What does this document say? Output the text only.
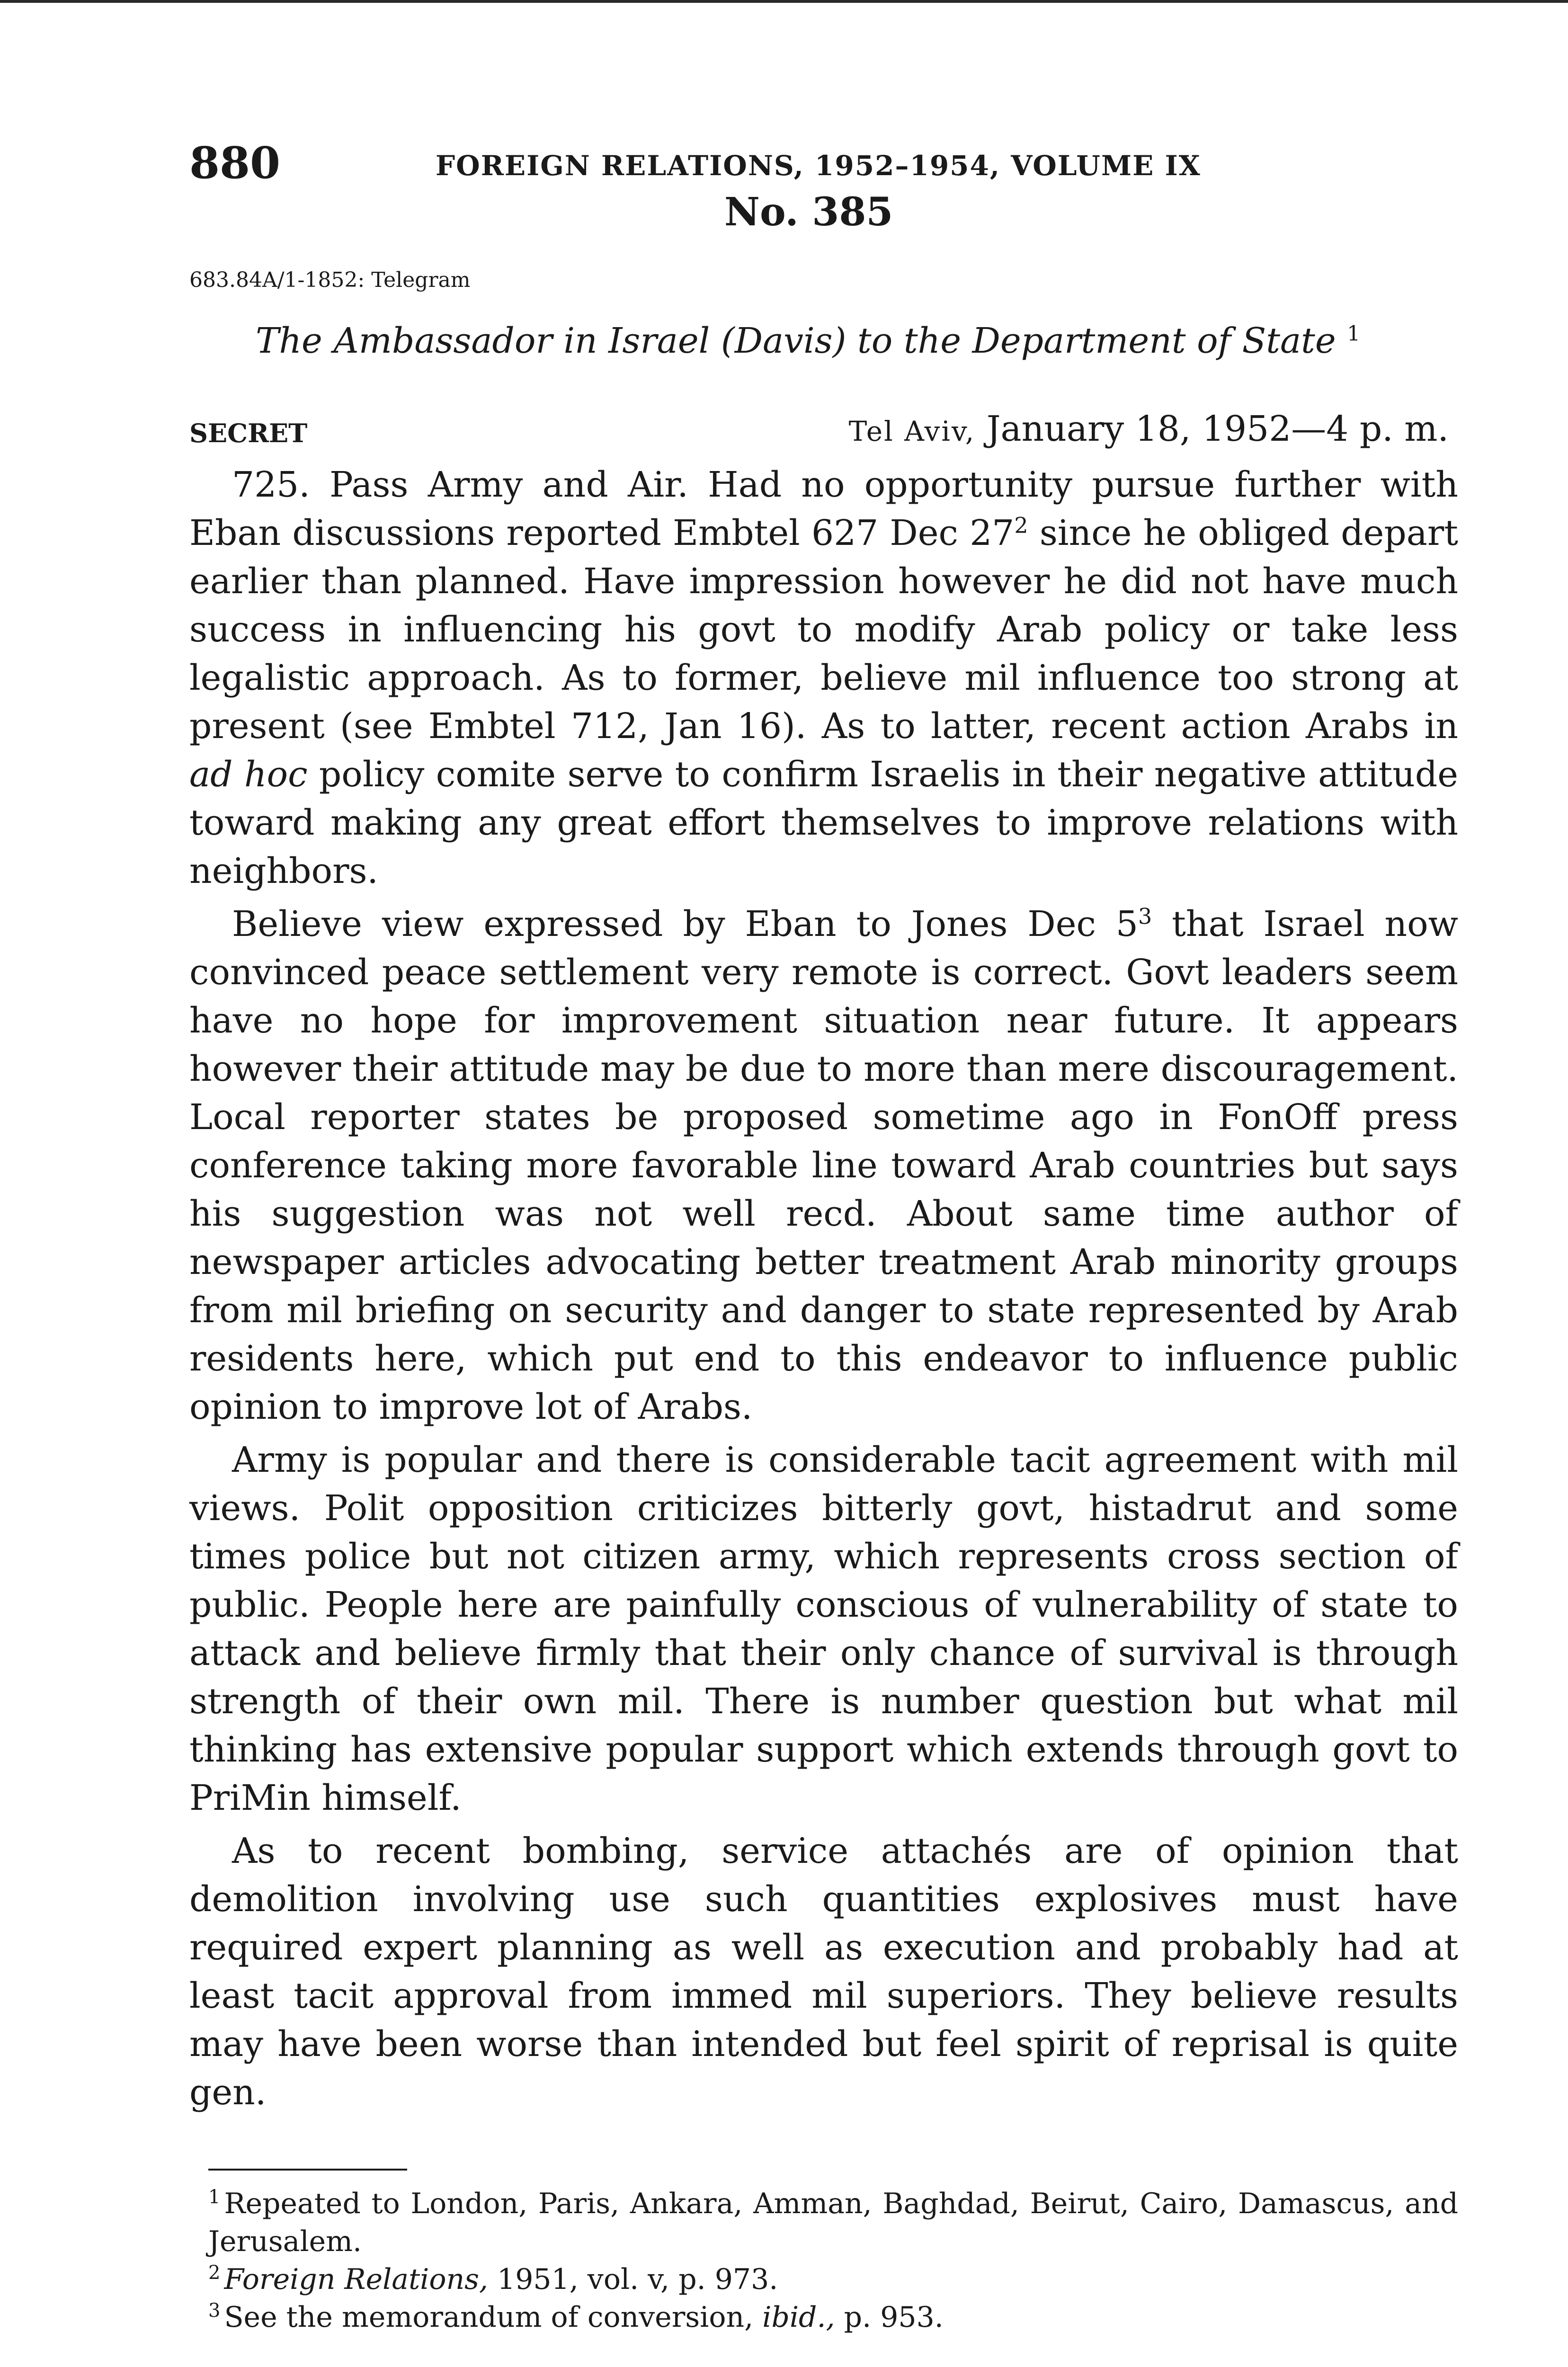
880	FOREIGN RELATIONS, 1952–1954, VOLUME IX
No. 385
683.84A/1-1852: Telegram
The Ambassador in Israel (Davis) to the Department of State $^1$
SECRET	Tel Aviv, January 18, 1952—4 p. m.

725. Pass Army and Air. Had no opportunity pursue further with Eban discussions reported Embtel 627 Dec $27^2$ since he obliged depart earlier than planned. Have impression however he did not have much success in influencing his govt to modify Arab policy or take less legalistic approach. As to former, believe mil influence too strong at present (see Embtel 712, Jan 16). As to latter, recent action Arabs in ad hoc policy comite serve to confirm Israelis in their negative attitude toward making any great effort themselves to improve relations with neighbors.

Believe view expressed by Eban to Jones Dec $5^3$ that Israel now convinced peace settlement very remote is correct. Govt leaders seem have no hope for improvement situation near future. It appears however their attitude may be due to more than mere discouragement. Local reporter states be proposed sometime ago in FonOff press conference taking more favorable line toward Arab countries but says his suggestion was not well recd. About same time author of newspaper articles advocating better treatment Arab minority groups from mil briefing on security and danger to state represented by Arab residents here, which put end to this endeavor to influence public opinion to improve lot of Arabs.

Army is popular and there is considerable tacit agreement with mil views. Polit opposition criticizes bitterly govt, histadrut and some times police but not citizen army, which represents cross section of public. People here are painfully conscious of vulnerability of state to attack and believe firmly that their only chance of survival is through strength of their own mil. There is number question but what mil thinking has extensive popular support which extends through govt to PriMin himself.

As to recent bombing, service attachés are of opinion that demolition involving use such quantities explosives must have required expert planning as well as execution and probably had at least tacit approval from immed mil superiors. They believe results may have been worse than intended but feel spirit of reprisal is quite gen.

$^1$ Repeated to London, Paris, Ankara, Amman, Baghdad, Beirut, Cairo, Damascus, and Jerusalem.

$^2$ Foreign Relations, 1951, vol. v, p. 973.

$^3$ See the memorandum of conversion, ibid., p. 953.
